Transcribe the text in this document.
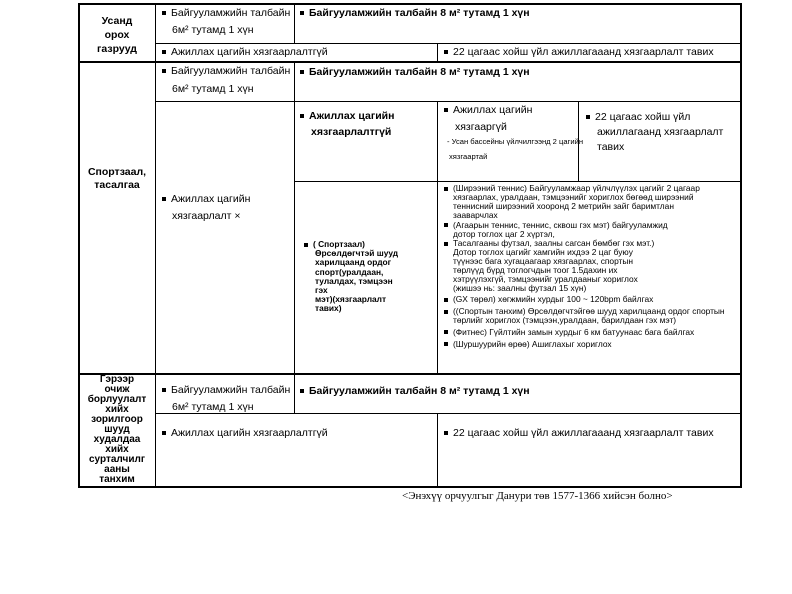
Усанд
орох
газрууд
Байгууламжийн талбайн
6м² тутамд 1 хүн
Байгууламжийн талбайн 8 м² тутамд 1 хүн
Ажиллах цагийн хязгаарлалтгүй	22 цагаас хойш үйл ажиллагааанд хязгаарлалт тавих
Спортзаал,
тасалгаа
Байгууламжийн талбайн
6м² тутамд 1 хүн
Байгууламжийн талбайн 8 м² тутамд 1 хүн
Ажиллах цагийн
хязгаарлалт ×
Ажиллах цагийн
хязгаарлалтгүй
Ажиллах цагийн
хязгааргүй
- Усан бассейны үйлчилгээнд 2 цагийн
хязгаартай
22 цагаас хойш үйл
ажиллагаанд хязгаарлалт
тавих
( Спортзаал)
Өрсөлдөгчтэй шууд
харилцаанд ордог
спорт(уралдаан,
тулалдах, тэмцээн
гэх
мэт)(хязгаарлалт
тавих)
(Ширээний теннис) Байгууламжаар үйлчлүүлэх цагийг 2 цагаар
хязгаарлах, уралдаан, тэмцээнийг хориглох бөгөөд ширээний
теннисний ширээний хооронд 2 метрийн зайг баримтлан
зааварчлах
(Агаарын теннис, теннис, сквош гэх мэт) байгууламжид
дотор тоглох цаг 2 хүртэл,
Тасалгааны футзал, заалны сагсан бөмбөг гэх мэт.)
Дотор тоглох цагийг хамгийн ихдээ 2 цаг буюу
түүнээс бага хугацаагаар хязгаарлах, спортын
төрлүүд бүрд тоглогчдын тоог 1.5дахин их
хэтрүүлэхгүй, тэмцээнийг уралдааныг хориглох
(жишээ нь: заалны футзал 15 хүн)
(GX төрөл) хөгжмийн хурдыг 100 ~ 120bpm байлгах
((Спортын танхим) Өрсөлдөгчтэйгөө шууд харилцаанд ордог спортын
төрлийг хориглох (тэмцээн,уралдаан, барилдаан гэх мэт)
(Фитнес) Гүйлтийн замын хурдыг 6 км батуунаас бага байлгах
(Шуршуурийн өрөө) Ашиглахыг хориглох
Гэрээр
очиж
борлуулалт
хийх
зорилгоор
шууд
худалдаа
хийх
сурталчилг
ааны
танхим
Байгууламжийн талбайн
6м² тутамд 1 хүн
Байгууламжийн талбайн 8 м² тутамд 1 хүн
Ажиллах цагийн хязгаарлалтгүй	22 цагаас хойш үйл ажиллагааанд хязгаарлалт тавих
<Энэхүү орчуулгыг Данури төв 1577-1366 хийсэн болно>
